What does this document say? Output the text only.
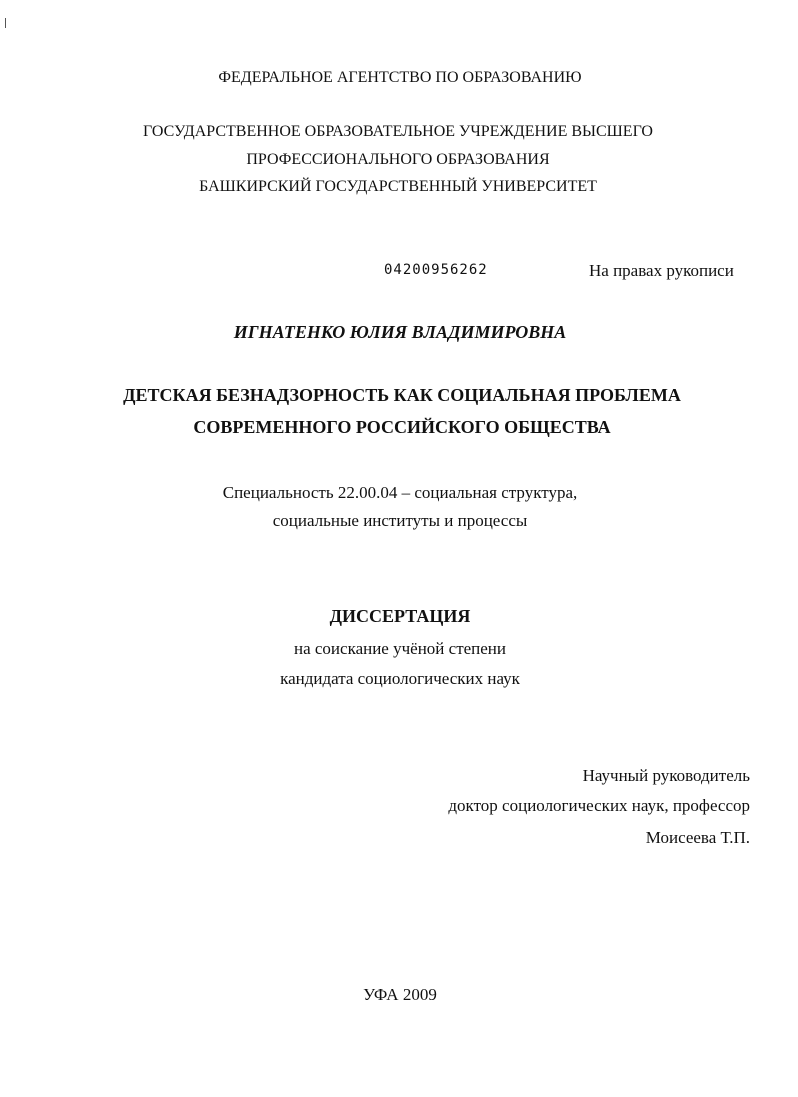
ФЕДЕРАЛЬНОЕ АГЕНТСТВО ПО ОБРАЗОВАНИЮ
ГОСУДАРСТВЕННОЕ ОБРАЗОВАТЕЛЬНОЕ УЧРЕЖДЕНИЕ ВЫСШЕГО
ПРОФЕССИОНАЛЬНОГО ОБРАЗОВАНИЯ
БАШКИРСКИЙ ГОСУДАРСТВЕННЫЙ УНИВЕРСИТЕТ
04200956262	На правах рукописи
ИГНАТЕНКО ЮЛИЯ ВЛАДИМИРОВНА
ДЕТСКАЯ БЕЗНАДЗОРНОСТЬ КАК СОЦИАЛЬНАЯ ПРОБЛЕМА
СОВРЕМЕННОГО РОССИЙСКОГО ОБЩЕСТВА
Специальность 22.00.04 – социальная структура,
социальные институты и процессы
ДИССЕРТАЦИЯ
на соискание учёной степени
кандидата социологических наук
Научный руководитель
доктор социологических наук, профессор
Моисеева Т.П.
УФА 2009
